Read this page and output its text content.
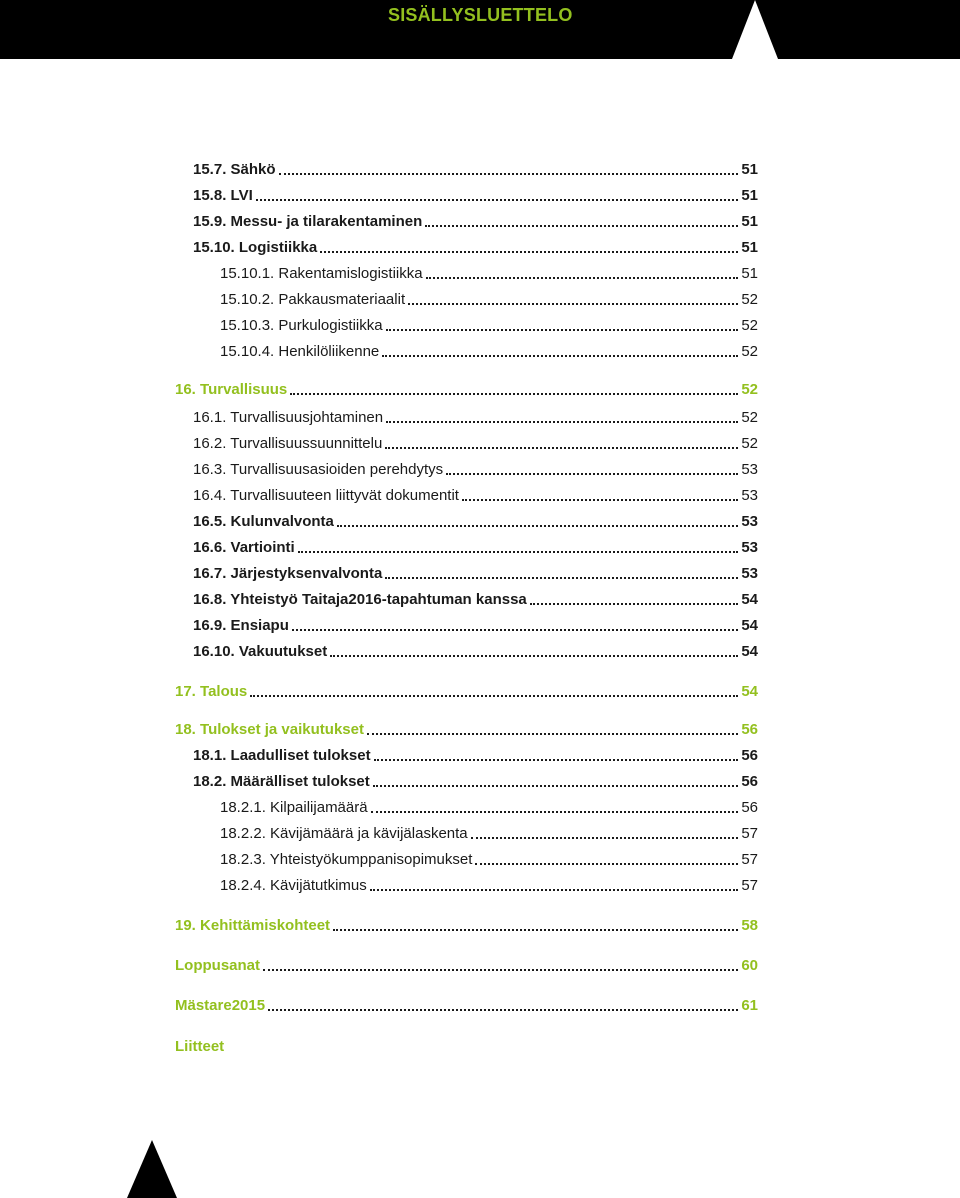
SISÄLLYSLUETTELO
15.7. Sähkö	51
15.8. LVI	51
15.9. Messu- ja tilarakentaminen	51
15.10. Logistiikka	51
15.10.1. Rakentamislogistiikka	51
15.10.2. Pakkausmateriaalit	52
15.10.3. Purkulogistiikka	52
15.10.4. Henkilöliikenne	52
16. Turvallisuus	52
16.1. Turvallisuusjohtaminen	52
16.2. Turvallisuussuunnittelu	52
16.3. Turvallisuusasioiden perehdytys	53
16.4. Turvallisuuteen liittyvät dokumentit	53
16.5. Kulunvalvonta	53
16.6. Vartiointi	53
16.7. Järjestyksenvalvonta	53
16.8. Yhteistyö Taitaja2016-tapahtuman kanssa	54
16.9. Ensiapu	54
16.10. Vakuutukset	54
17. Talous	54
18. Tulokset ja vaikutukset	56
18.1. Laadulliset tulokset	56
18.2. Määrälliset tulokset	56
18.2.1. Kilpailijamäärä	56
18.2.2. Kävijämäärä ja kävijälaskenta	57
18.2.3. Yhteistyökumppanisopimukset	57
18.2.4. Kävijätutkimus	57
19. Kehittämiskohteet	58
Loppusanat	60
Mästare2015	61
Liitteet
